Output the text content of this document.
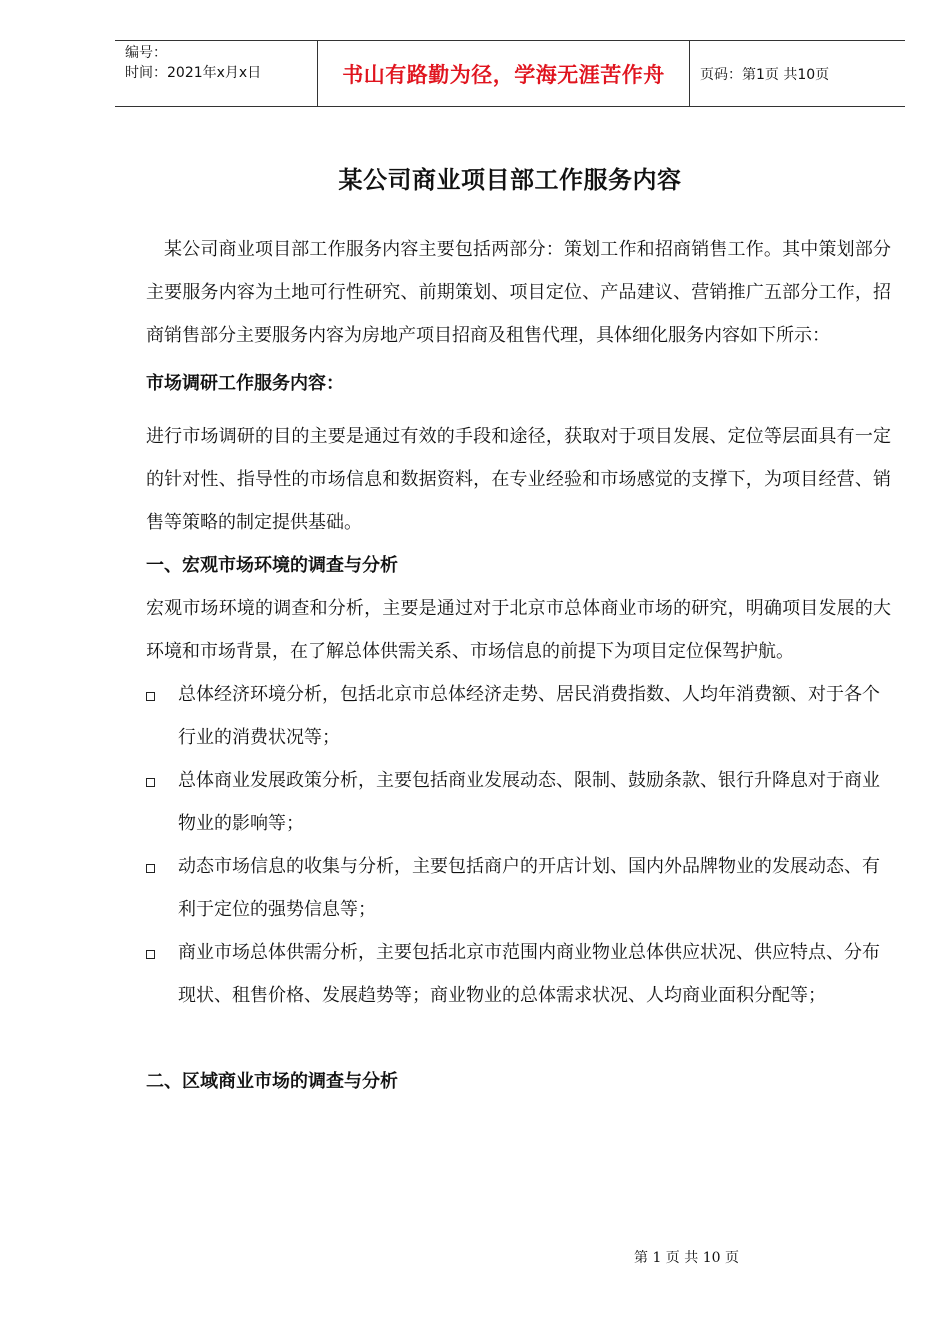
编号：
时间：2021年x月x日	书山有路勤为径，学海无涯苦作舟	页码：第1页 共10页
某公司商业项目部工作服务内容

某公司商业项目部工作服务内容主要包括两部分：策划工作和招商销售工作。其中策划部分主要服务内容为土地可行性研究、前期策划、项目定位、产品建议、营销推广五部分工作，招商销售部分主要服务内容为房地产项目招商及租售代理，具体细化服务内容如下所示：

市场调研工作服务内容：

进行市场调研的目的主要是通过有效的手段和途径，获取对于项目发展、定位等层面具有一定的针对性、指导性的市场信息和数据资料，在专业经验和市场感觉的支撑下，为项目经营、销售等策略的制定提供基础。

一、宏观市场环境的调查与分析

宏观市场环境的调查和分析，主要是通过对于北京市总体商业市场的研究，明确项目发展的大环境和市场背景，在了解总体供需关系、市场信息的前提下为项目定位保驾护航。

总体经济环境分析，包括北京市总体经济走势、居民消费指数、人均年消费额、对于各个行业的消费状况等；
总体商业发展政策分析，主要包括商业发展动态、限制、鼓励条款、银行升降息对于商业物业的影响等；
动态市场信息的收集与分析，主要包括商户的开店计划、国内外品牌物业的发展动态、有利于定位的强势信息等；
商业市场总体供需分析，主要包括北京市范围内商业物业总体供应状况、供应特点、分布现状、租售价格、发展趋势等；商业物业的总体需求状况、人均商业面积分配等；

二、区域商业市场的调查与分析

第 1 页 共 10 页
